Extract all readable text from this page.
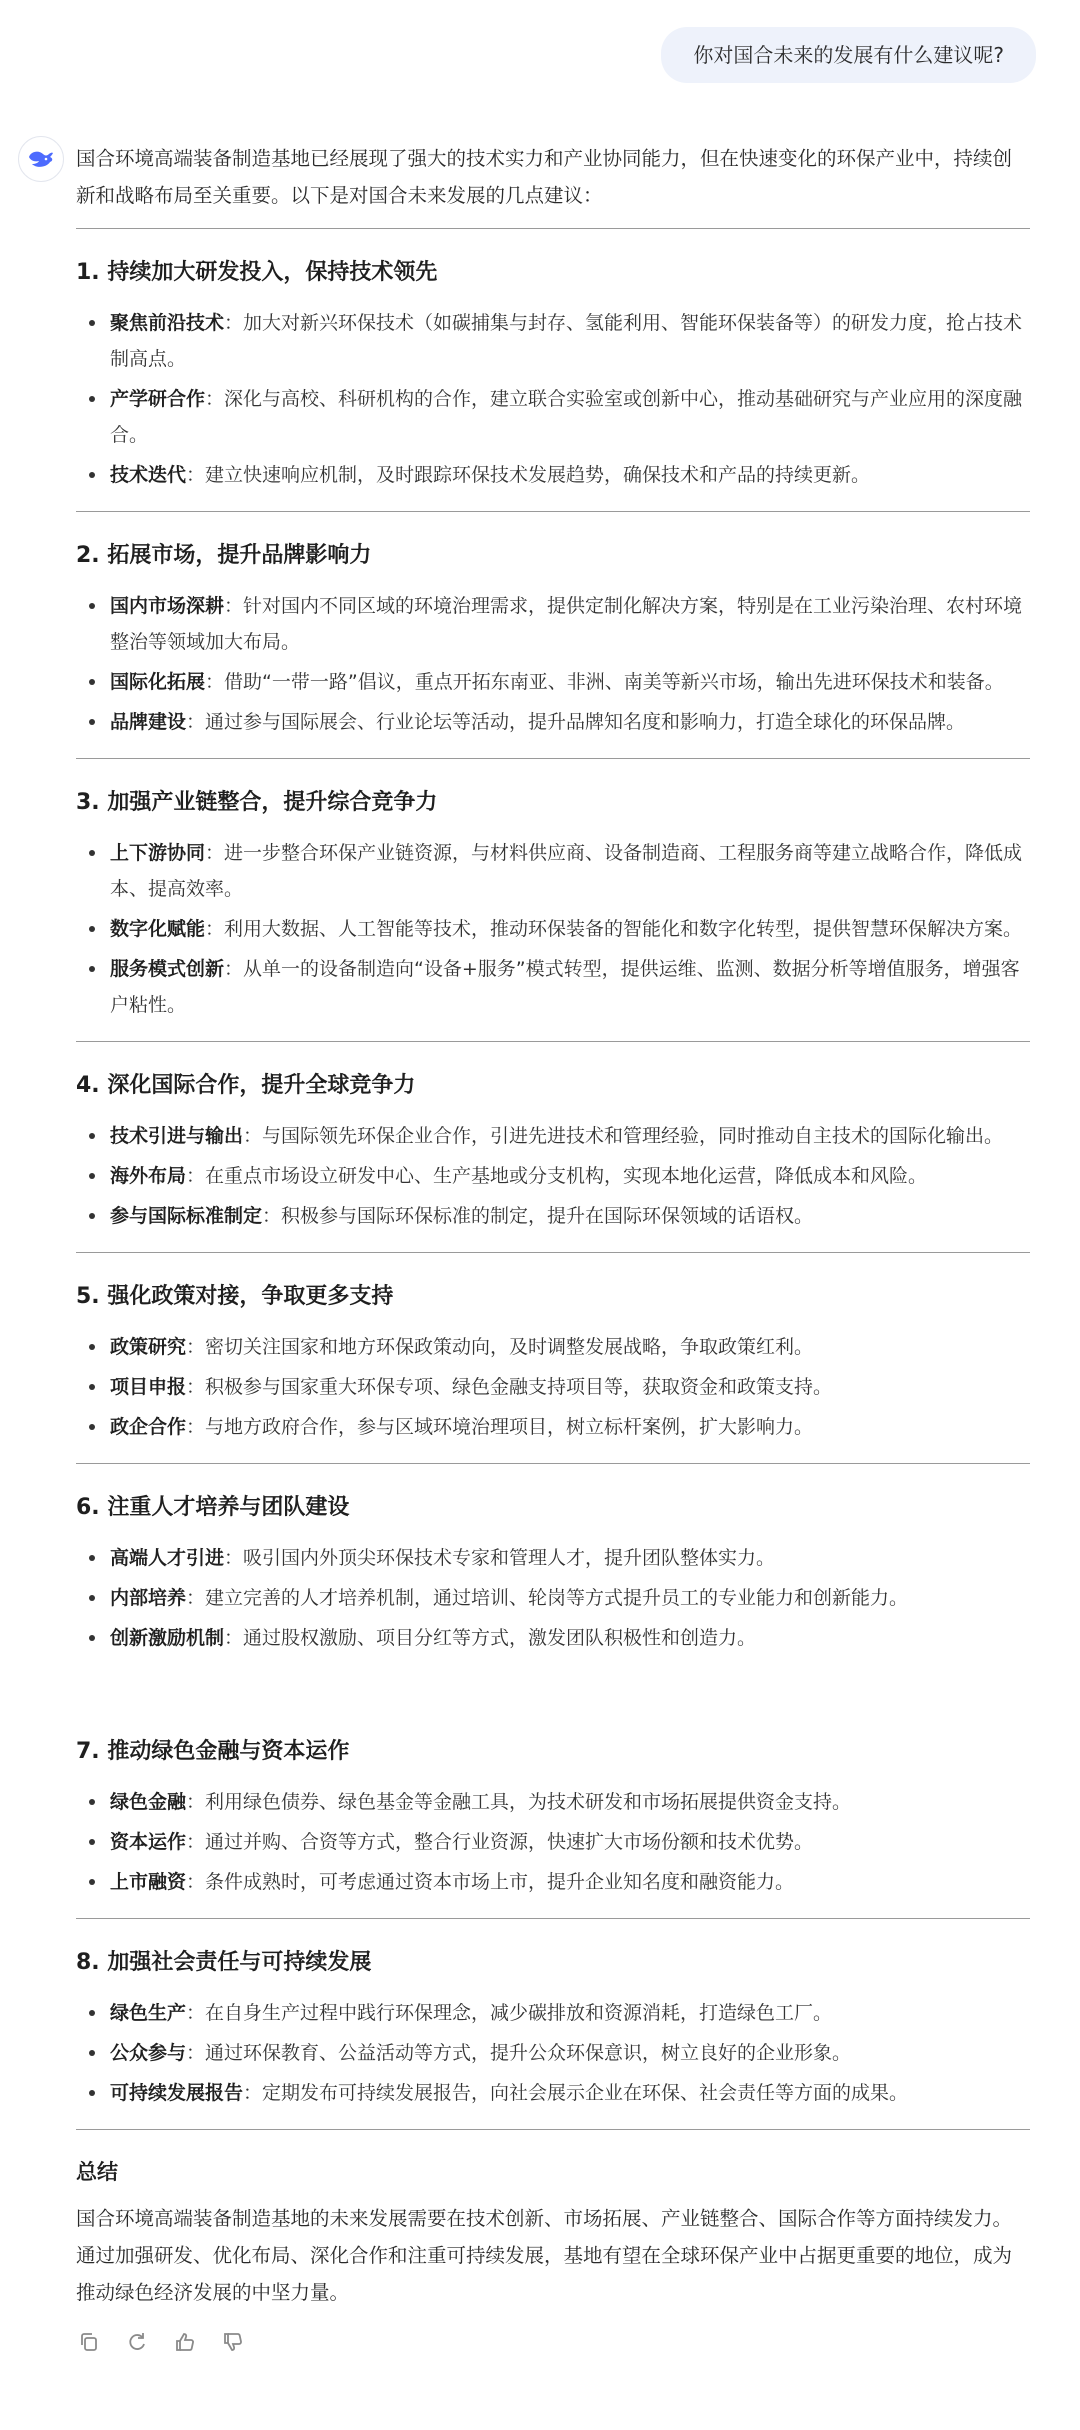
你对国合未来的发展有什么建议呢?

国合环境高端装备制造基地已经展现了强大的技术实力和产业协同能力，但在快速变化的环保产业中，持续创新和战略布局至关重要。以下是对国合未来发展的几点建议：

1. 持续加大研发投入，保持技术领先
聚焦前沿技术：加大对新兴环保技术（如碳捕集与封存、氢能利用、智能环保装备等）的研发力度，抢占技术制高点。
产学研合作：深化与高校、科研机构的合作，建立联合实验室或创新中心，推动基础研究与产业应用的深度融合。
技术迭代：建立快速响应机制，及时跟踪环保技术发展趋势，确保技术和产品的持续更新。
2. 拓展市场，提升品牌影响力
国内市场深耕：针对国内不同区域的环境治理需求，提供定制化解决方案，特别是在工业污染治理、农村环境整治等领域加大布局。
国际化拓展：借助“一带一路”倡议，重点开拓东南亚、非洲、南美等新兴市场，输出先进环保技术和装备。
品牌建设：通过参与国际展会、行业论坛等活动，提升品牌知名度和影响力，打造全球化的环保品牌。
3. 加强产业链整合，提升综合竞争力
上下游协同：进一步整合环保产业链资源，与材料供应商、设备制造商、工程服务商等建立战略合作，降低成本、提高效率。
数字化赋能：利用大数据、人工智能等技术，推动环保装备的智能化和数字化转型，提供智慧环保解决方案。
服务模式创新：从单一的设备制造向“设备+服务”模式转型，提供运维、监测、数据分析等增值服务，增强客户粘性。
4. 深化国际合作，提升全球竞争力
技术引进与输出：与国际领先环保企业合作，引进先进技术和管理经验，同时推动自主技术的国际化输出。
海外布局：在重点市场设立研发中心、生产基地或分支机构，实现本地化运营，降低成本和风险。
参与国际标准制定：积极参与国际环保标准的制定，提升在国际环保领域的话语权。
5. 强化政策对接，争取更多支持
政策研究：密切关注国家和地方环保政策动向，及时调整发展战略，争取政策红利。
项目申报：积极参与国家重大环保专项、绿色金融支持项目等，获取资金和政策支持。
政企合作：与地方政府合作，参与区域环境治理项目，树立标杆案例，扩大影响力。
6. 注重人才培养与团队建设
高端人才引进：吸引国内外顶尖环保技术专家和管理人才，提升团队整体实力。
内部培养：建立完善的人才培养机制，通过培训、轮岗等方式提升员工的专业能力和创新能力。
创新激励机制：通过股权激励、项目分红等方式，激发团队积极性和创造力。
7. 推动绿色金融与资本运作
绿色金融：利用绿色债券、绿色基金等金融工具，为技术研发和市场拓展提供资金支持。
资本运作：通过并购、合资等方式，整合行业资源，快速扩大市场份额和技术优势。
上市融资：条件成熟时，可考虑通过资本市场上市，提升企业知名度和融资能力。
8. 加强社会责任与可持续发展
绿色生产：在自身生产过程中践行环保理念，减少碳排放和资源消耗，打造绿色工厂。
公众参与：通过环保教育、公益活动等方式，提升公众环保意识，树立良好的企业形象。
可持续发展报告：定期发布可持续发展报告，向社会展示企业在环保、社会责任等方面的成果。
总结

国合环境高端装备制造基地的未来发展需要在技术创新、市场拓展、产业链整合、国际合作等方面持续发力。通过加强研发、优化布局、深化合作和注重可持续发展，基地有望在全球环保产业中占据更重要的地位，成为推动绿色经济发展的中坚力量。
